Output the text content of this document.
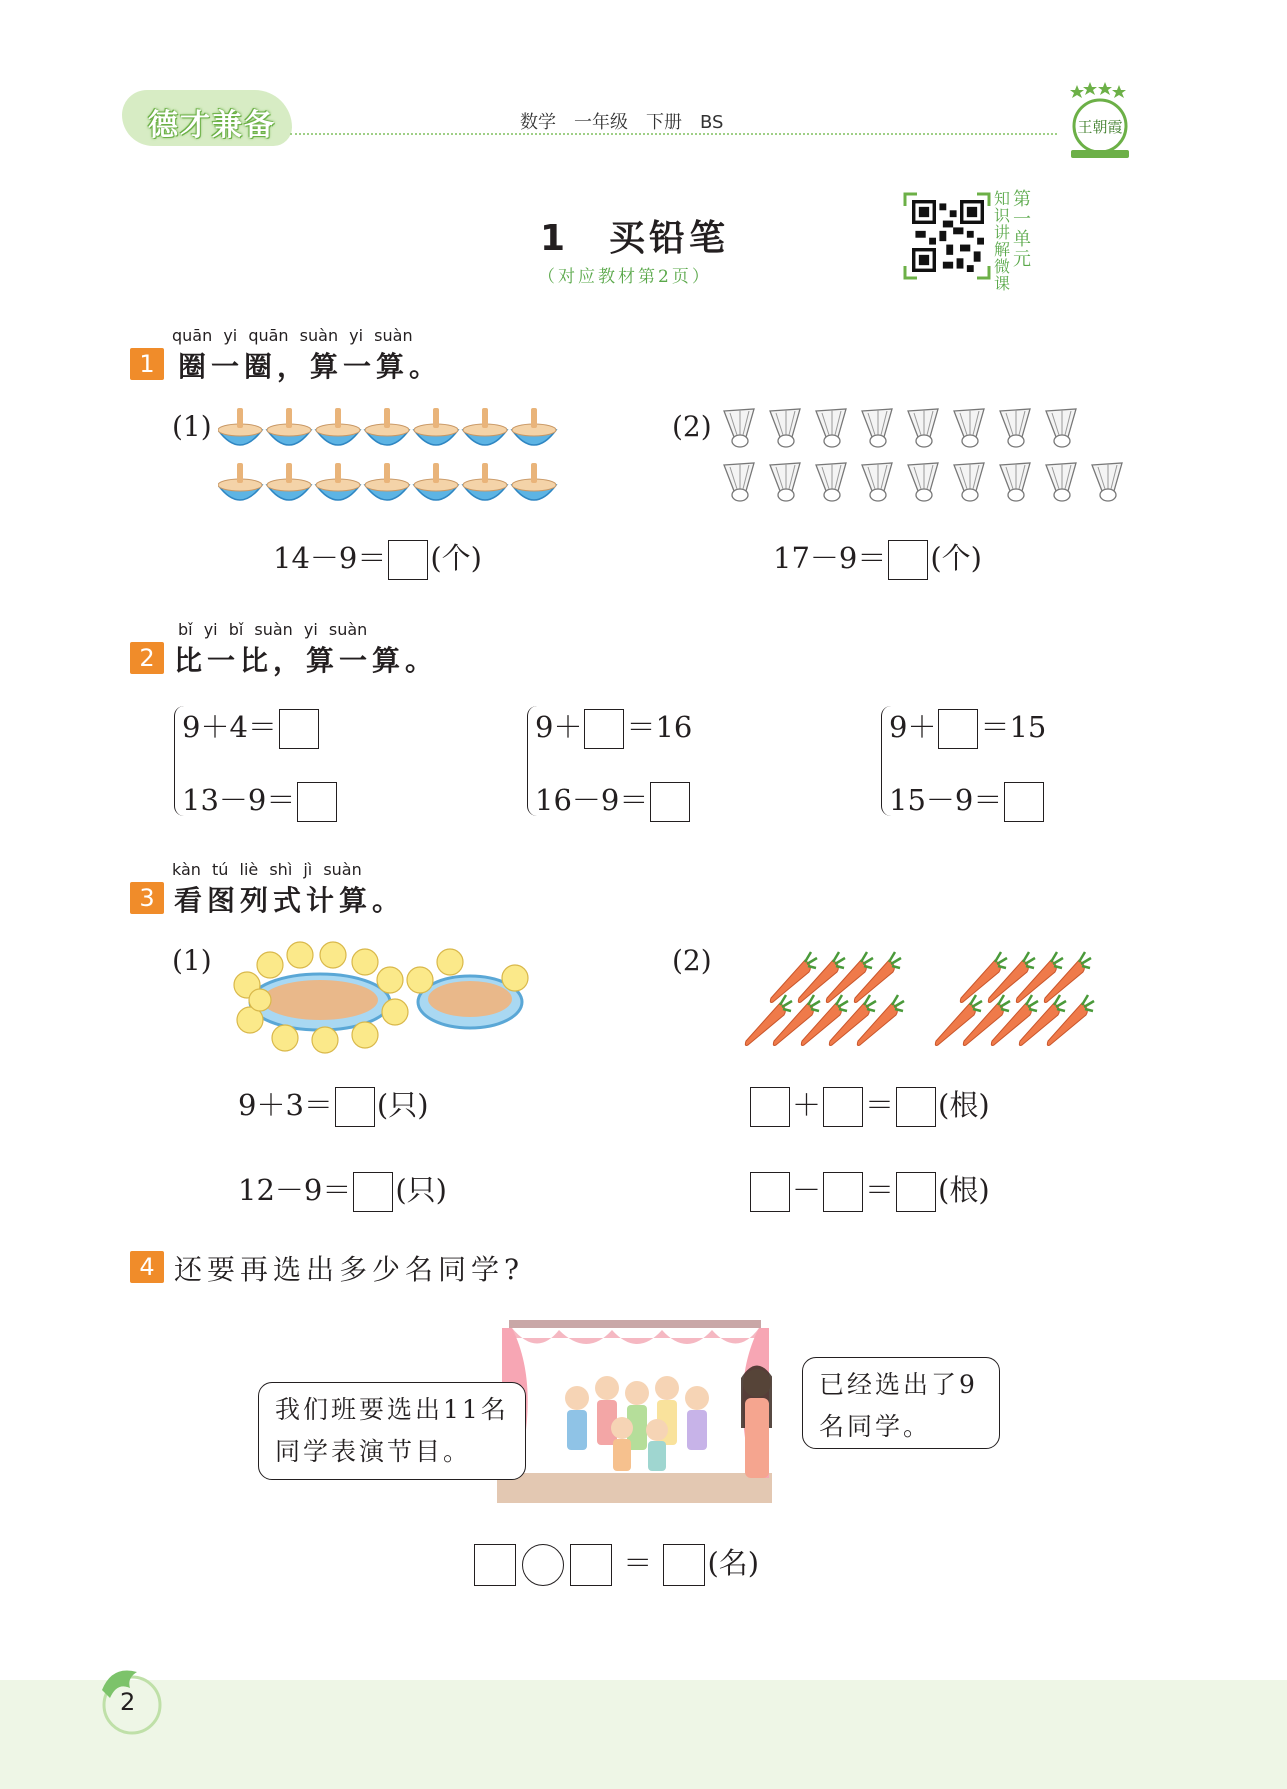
德才兼备	数学　一年级　下册　BS	王朝霞
1　买铅笔
（对应教材第2页）
知识讲解微课
第一单元
quān yi quān suàn yi suàn
1 圈一圈，算一算。
(1)	(2)
14－9＝ (个)	17－9＝ (个)
bǐ yi bǐ suàn yi suàn
2 比一比，算一算。
9＋4＝
13－9＝
9＋ ＝16
16－9＝
9＋ ＝15
15－9＝
kàn tú liè shì jì suàn
3 看图列式计算。
(1)	(2)
9＋3＝ (只)
12－9＝ (只)
＋ ＝ (根)
－ ＝ (根)
4 还要再选出多少名同学?
我们班要选出11名
同学表演节目。
已经选出了9
名同学。
＝ (名)
2
